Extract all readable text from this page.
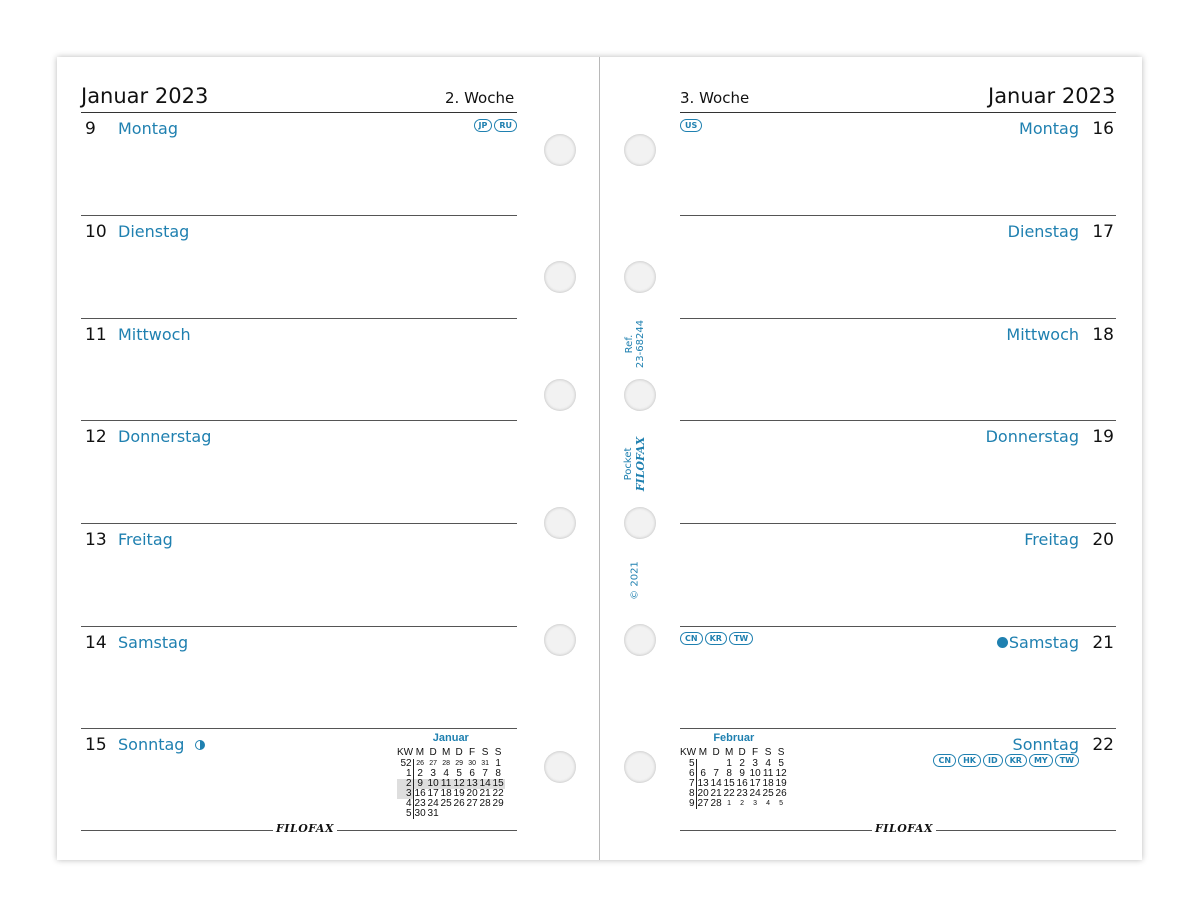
Januar 2023	2. Woche	3. Woche	Januar 2023
9 Montag	JP	RU
10 Dienstag
11 Mittwoch
12 Donnerstag
13 Freitag
14 Samstag
15 Sonntag	Januar
KW	M	D	M	D	F	S	S
52	26	27	28	29	30	31	1
1	2	3	4	5	6	7	8
2	9	10	11	12	13	14	15
3	16	17	18	19	20	21	22
4	23	24	25	26	27	28	29
5	30	31					
FILOFAX
US	Montag 16
Dienstag 17
Mittwoch 18
Donnerstag 19
Freitag 20
CN	KR	TW	Samstag 21
Sonntag 22
CN	HK	ID	KR	MY	TW
Februar
KW	M	D	M	D	F	S	S
5			1	2	3	4	5
6	6	7	8	9	10	11	12
7	13	14	15	16	17	18	19
8	20	21	22	23	24	25	26
9	27	28	1	2	3	4	5
FILOFAX
Ref. 23-68244
Pocket FILOFAX
© 2021
